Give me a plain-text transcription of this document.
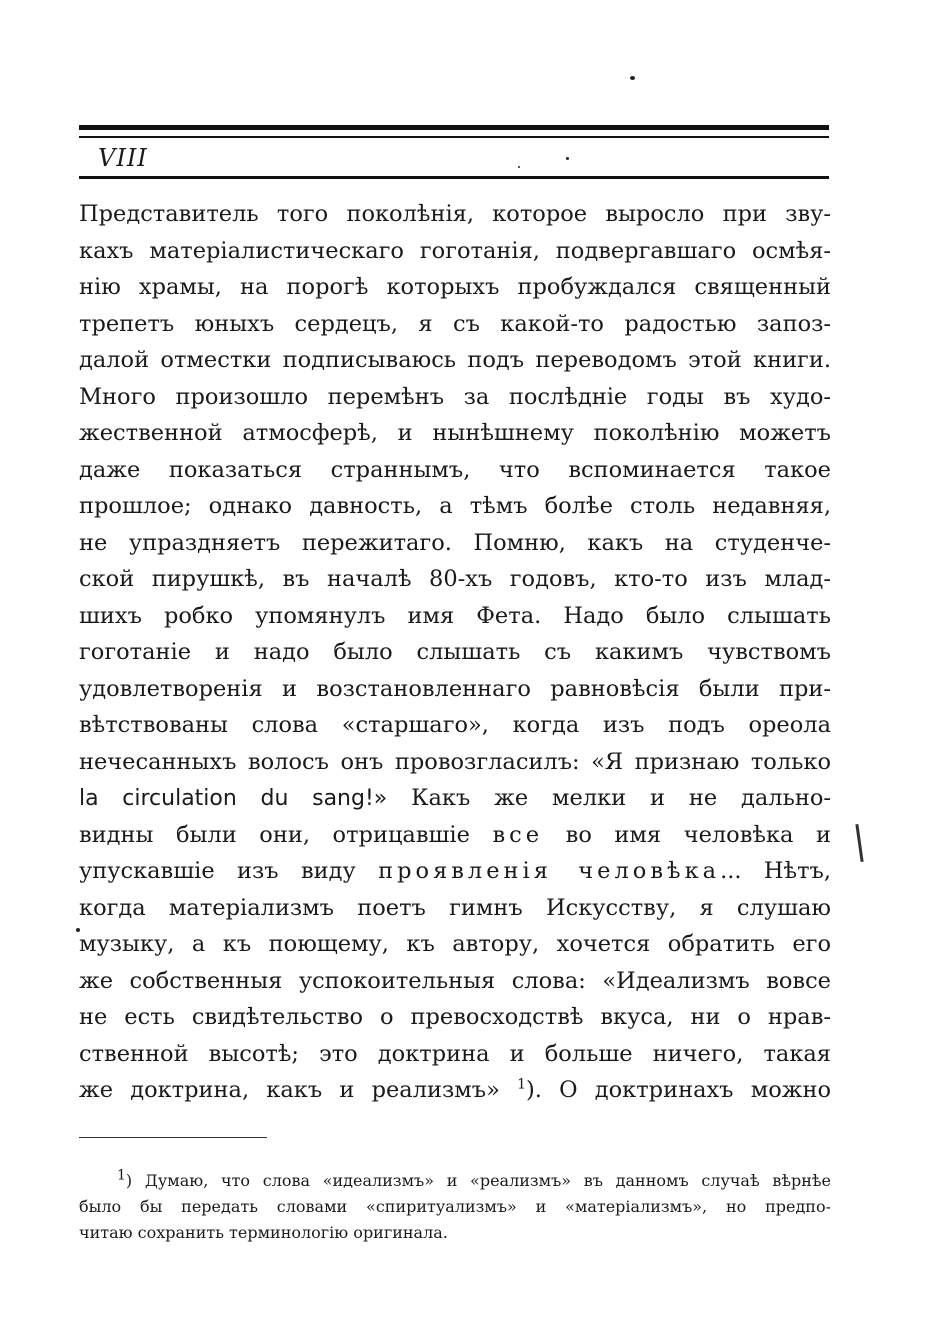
VIII
Представитель того поколѣнія, которое выросло при зву-
кахъ матеріалистическаго гоготанія, подвергавшаго осмѣя-
нію храмы, на порогѣ которыхъ пробуждался священный
трепетъ юныхъ сердецъ, я съ какой-то радостью запоз-
далой отместки подписываюсь подъ переводомъ этой книги.
Много произошло перемѣнъ за послѣдніе годы въ худо-
жественной атмосферѣ, и нынѣшнему поколѣнію можетъ
даже показаться страннымъ, что вспоминается такое
прошлое; однако давность, а тѣмъ болѣе столь недавняя,
не упраздняетъ пережитаго. Помню, какъ на студенче-
ской пирушкѣ, въ началѣ 80-хъ годовъ, кто-то изъ млад-
шихъ робко упомянулъ имя Фета. Надо было слышать
гоготаніе и надо было слышать съ какимъ чувствомъ
удовлетворенія и возстановленнаго равновѣсія были при-
вѣтствованы слова «старшаго», когда изъ подъ ореола
нечесанныхъ волосъ онъ провозгласилъ: «Я признаю только
la circulation du sang!» Какъ же мелки и не дально-
видны были они, отрицавшіе все во имя человѣка и
упускавшіе изъ виду проявленія человѣка... Нѣтъ,
когда матеріализмъ поетъ гимнъ Искусству, я слушаю
музыку, а къ поющему, къ автору, хочется обратить его
же собственныя успокоительныя слова: «Идеализмъ вовсе
не есть свидѣтельство о превосходствѣ вкуса, ни о нрав-
ственной высотѣ; это доктрина и больше ничего, такая
же доктрина, какъ и реализмъ» $^1$). О доктринахъ можно
$^1$) Думаю, что слова «идеализмъ» и «реализмъ» въ данномъ случаѣ вѣрнѣе
было бы передать словами «спиритуализмъ» и «матеріализмъ», но предпо-
читаю сохранить терминологію оригинала.
